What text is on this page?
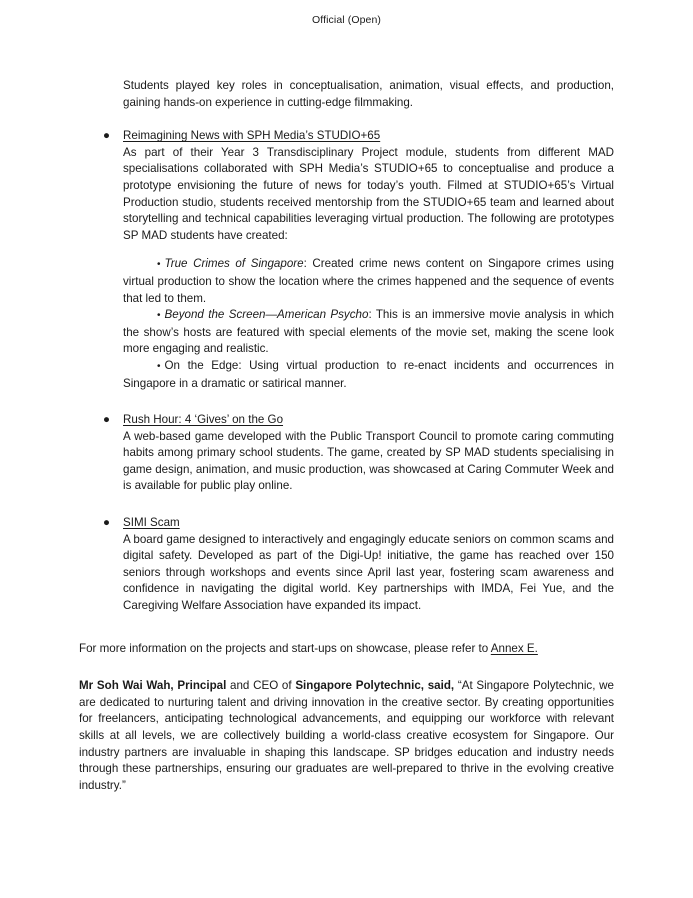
Official (Open)

Students played key roles in conceptualisation, animation, visual effects, and production, gaining hands-on experience in cutting-edge filmmaking.

● Reimagining News with SPH Media’s STUDIO+65
As part of their Year 3 Transdisciplinary Project module, students from different MAD specialisations collaborated with SPH Media’s STUDIO+65 to conceptualise and produce a prototype envisioning the future of news for today’s youth. Filmed at STUDIO+65’s Virtual Production studio, students received mentorship from the STUDIO+65 team and learned about storytelling and technical capabilities leveraging virtual production. The following are prototypes SP MAD students have created:
• True Crimes of Singapore: Created crime news content on Singapore crimes using virtual production to show the location where the crimes happened and the sequence of events that led to them.
• Beyond the Screen—American Psycho: This is an immersive movie analysis in which the show’s hosts are featured with special elements of the movie set, making the scene look more engaging and realistic.
• On the Edge: Using virtual production to re-enact incidents and occurrences in Singapore in a dramatic or satirical manner.
● Rush Hour: 4 ‘Gives’ on the Go
A web-based game developed with the Public Transport Council to promote caring commuting habits among primary school students. The game, created by SP MAD students specialising in game design, animation, and music production, was showcased at Caring Commuter Week and is available for public play online.
● SIMI Scam
A board game designed to interactively and engagingly educate seniors on common scams and digital safety. Developed as part of the Digi-Up! initiative, the game has reached over 150 seniors through workshops and events since April last year, fostering scam awareness and confidence in navigating the digital world. Key partnerships with IMDA, Fei Yue, and the Caregiving Welfare Association have expanded its impact.

For more information on the projects and start-ups on showcase, please refer to Annex E.

Mr Soh Wai Wah, Principal and CEO of Singapore Polytechnic, said, “At Singapore Polytechnic, we are dedicated to nurturing talent and driving innovation in the creative sector. By creating opportunities for freelancers, anticipating technological advancements, and equipping our workforce with relevant skills at all levels, we are collectively building a world-class creative ecosystem for Singapore. Our industry partners are invaluable in shaping this landscape. SP bridges education and industry needs through these partnerships, ensuring our graduates are well-prepared to thrive in the evolving creative industry.”
